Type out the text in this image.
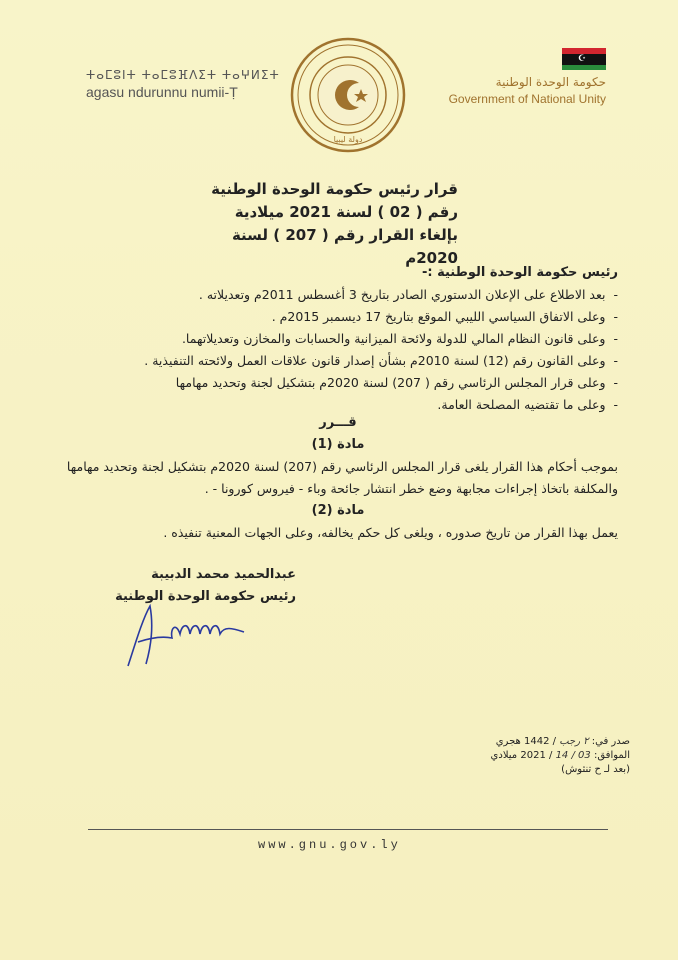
ⵜⴰⵎⵓⵏⵜ ⵜⴰⵎⵓⴼⴷⵉⵜ ⵜⴰⵖⵍⵉⵜ
agasu ndurunnu numii-Ṭ
دولة ليبيا
☪
حكومة الوحدة الوطنية
Government of National Unity
قرار رئيس حكومة الوحدة الوطنية
رقم ( 02 ) لسنة 2021 ميلادية
بإلغاء القرار رقم ( 207 ) لسنة 2020م
رئيس حكومة الوحدة الوطنية :-
-
بعد الاطلاع على الإعلان الدستوري الصادر بتاريخ 3 أغسطس 2011م وتعديلاته .
-
وعلى الاتفاق السياسي الليبي الموقع بتاريخ 17 ديسمبر 2015م .
-
وعلى قانون النظام المالي للدولة ولائحة الميزانية والحسابات والمخازن وتعديلاتهما.
-
وعلى القانون رقم (12) لسنة 2010م بشأن إصدار قانون علاقات العمل ولائحته التنفيذية .
-
وعلى قرار المجلس الرئاسي رقم ( 207) لسنة 2020م بتشكيل لجنة وتحديد مهامها
-
وعلى ما تقتضيه المصلحة العامة.
قـــرر
مادة (1)
بموجب أحكام هذا القرار يلغى قرار المجلس الرئاسي رقم (207) لسنة 2020م بتشكيل لجنة وتحديد مهامها والمكلفة باتخاذ إجراءات مجابهة وضع خطر انتشار جائحة وباء - فيروس كورونا - .
مادة (2)
يعمل بهذا القرار من تاريخ صدوره ، ويلغى كل حكم يخالفه، وعلى الجهات المعنية تنفيذه .
عبدالحميد محمد الدبيبة
رئيس حكومة الوحدة الوطنية
صدر في: ٢ رجب / 1442 هجري
الموافق: 03 / 14 / 2021 ميلادي
(بعد لـ ح تنثوش)
www.gnu.gov.ly
